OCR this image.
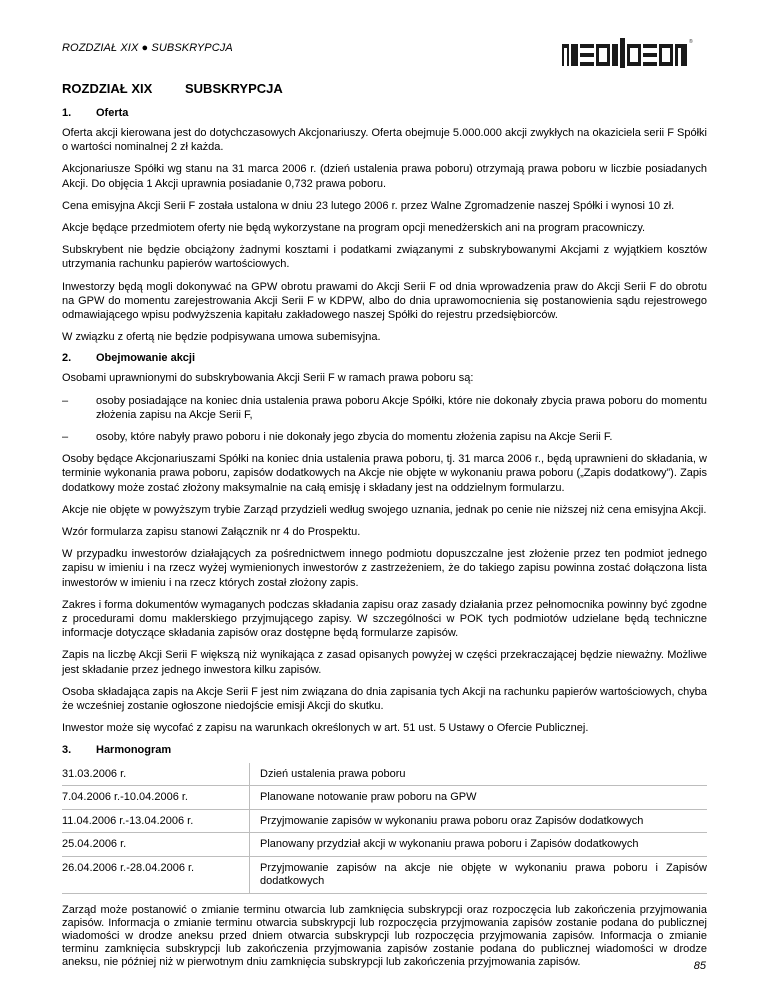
ROZDZIAŁ XIX ● SUBSKRYPCJA	®
ROZDZIAŁ XIX	SUBSKRYPCJA
1. Oferta

Oferta akcji kierowana jest do dotychczasowych Akcjonariuszy. Oferta obejmuje 5.000.000 akcji zwykłych na okaziciela serii F Spółki o wartości nominalnej 2 zł każda.

Akcjonariusze Spółki wg stanu na 31 marca 2006 r. (dzień ustalenia prawa poboru) otrzymają prawa poboru w liczbie posiadanych Akcji. Do objęcia 1 Akcji uprawnia posiadanie 0,732 prawa poboru.

Cena emisyjna Akcji Serii F została ustalona w dniu 23 lutego 2006 r. przez Walne Zgromadzenie naszej Spółki i wynosi 10 zł.

Akcje będące przedmiotem oferty nie będą wykorzystane na program opcji menedżerskich ani na program pracowniczy.

Subskrybent nie będzie obciążony żadnymi kosztami i podatkami związanymi z subskrybowanymi Akcjami z wyjątkiem kosztów utrzymania rachunku papierów wartościowych.

Inwestorzy będą mogli dokonywać na GPW obrotu prawami do Akcji Serii F od dnia wprowadzenia praw do Akcji Serii F do obrotu na GPW do momentu zarejestrowania Akcji Serii F w KDPW, albo do dnia uprawomocnienia się postanowienia sądu rejestrowego odmawiającego wpisu podwyższenia kapitału zakładowego naszej Spółki do rejestru przedsiębiorców.

W związku z ofertą nie będzie podpisywana umowa subemisyjna.

2. Obejmowanie akcji

Osobami uprawnionymi do subskrybowania Akcji Serii F w ramach prawa poboru są:

–	osoby posiadające na koniec dnia ustalenia prawa poboru Akcje Spółki, które nie dokonały zbycia prawa poboru do momentu złożenia zapisu na Akcje Serii F,
–	osoby, które nabyły prawo poboru i nie dokonały jego zbycia do momentu złożenia zapisu na Akcje Serii F.

Osoby będące Akcjonariuszami Spółki na koniec dnia ustalenia prawa poboru, tj. 31 marca 2006 r., będą uprawnieni do składania, w terminie wykonania prawa poboru, zapisów dodatkowych na Akcje nie objęte w wykonaniu prawa poboru („Zapis dodatkowy”). Zapis dodatkowy może zostać złożony maksymalnie na całą emisję i składany jest na oddzielnym formularzu.

Akcje nie objęte w powyższym trybie Zarząd przydzieli według swojego uznania, jednak po cenie nie niższej niż cena emisyjna Akcji.

Wzór formularza zapisu stanowi Załącznik nr 4 do Prospektu.

W przypadku inwestorów działających za pośrednictwem innego podmiotu dopuszczalne jest złożenie przez ten podmiot jednego zapisu w imieniu i na rzecz wyżej wymienionych inwestorów z zastrzeżeniem, że do takiego zapisu powinna zostać dołączona lista inwestorów w imieniu i na rzecz których został złożony zapis.

Zakres i forma dokumentów wymaganych podczas składania zapisu oraz zasady działania przez pełnomocnika powinny być zgodne z procedurami domu maklerskiego przyjmującego zapisy. W szczególności w POK tych podmiotów udzielane będą techniczne informacje dotyczące składania zapisów oraz dostępne będą formularze zapisów.

Zapis na liczbę Akcji Serii F większą niż wynikająca z zasad opisanych powyżej w części przekraczającej będzie nieważny. Możliwe jest składanie przez jednego inwestora kilku zapisów.

Osoba składająca zapis na Akcje Serii F jest nim związana do dnia zapisania tych Akcji na rachunku papierów wartościowych, chyba że wcześniej zostanie ogłoszone niedojście emisji Akcji do skutku.

Inwestor może się wycofać z zapisu na warunkach określonych w art. 51 ust. 5 Ustawy o Ofercie Publicznej.

3. Harmonogram
31.03.2006 r.	Dzień ustalenia prawa poboru
7.04.2006 r.-10.04.2006 r.	Planowane notowanie praw poboru na GPW
11.04.2006 r.-13.04.2006 r.	Przyjmowanie zapisów w wykonaniu prawa poboru oraz Zapisów dodatkowych
25.04.2006 r.	Planowany przydział akcji w wykonaniu prawa poboru i Zapisów dodatkowych
26.04.2006 r.-28.04.2006 r.	Przyjmowanie zapisów na akcje nie objęte w wykonaniu prawa poboru i Zapisów dodatkowych

Zarząd może postanowić o zmianie terminu otwarcia lub zamknięcia subskrypcji oraz rozpoczęcia lub zakończenia przyjmowania zapisów. Informacja o zmianie terminu otwarcia subskrypcji lub rozpoczęcia przyjmowania zapisów zostanie podana do publicznej wiadomości w drodze aneksu przed dniem otwarcia subskrypcji lub rozpoczęcia przyjmowania zapisów. Informacja o zmianie terminu zamknięcia subskrypcji lub zakończenia przyjmowania zapisów zostanie podana do publicznej wiadomości w drodze aneksu, nie później niż w pierwotnym dniu zamknięcia subskrypcji lub zakończenia przyjmowania zapisów.	85
